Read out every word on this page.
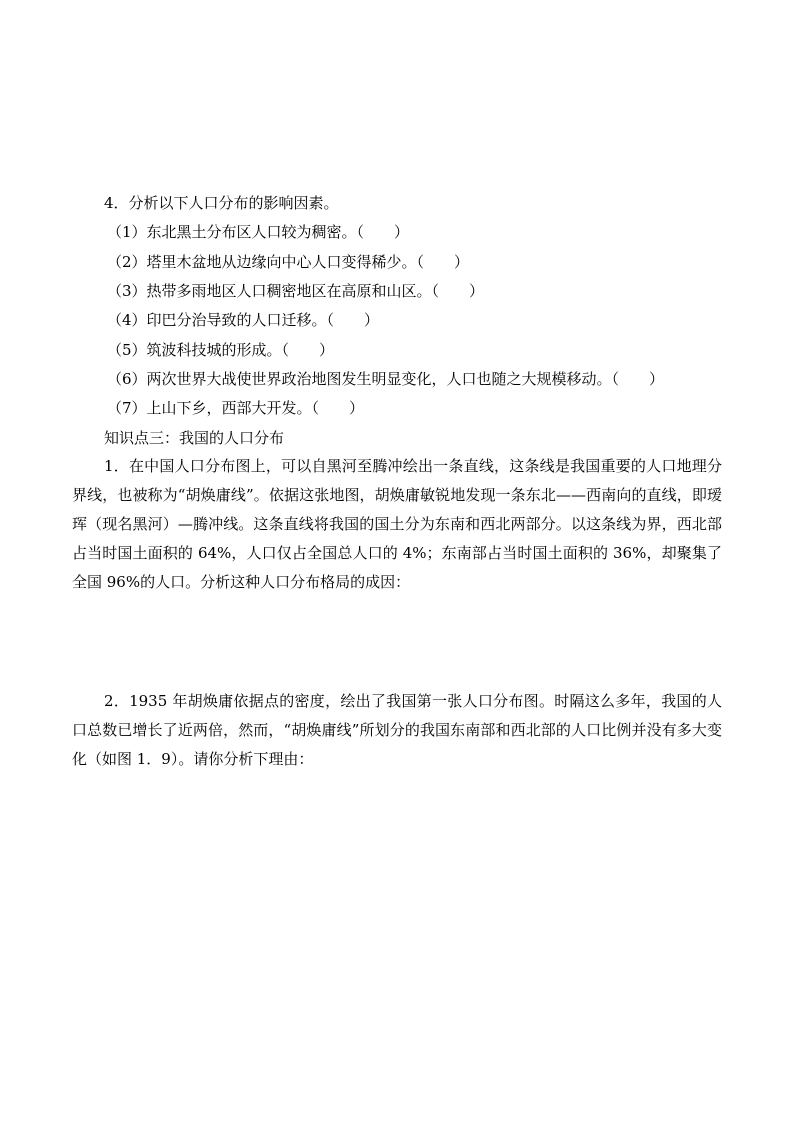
4．分析以下人口分布的影响因素。
（1）东北黑土分布区人口较为稠密。（　　）
（2）塔里木盆地从边缘向中心人口变得稀少。（　　）
（3）热带多雨地区人口稠密地区在高原和山区。（　　）
（4）印巴分治导致的人口迁移。（　　）
（5）筑波科技城的形成。（　　）
（6）两次世界大战使世界政治地图发生明显变化，人口也随之大规模移动。（　　）
（7）上山下乡，西部大开发。（　　）
知识点三：我国的人口分布
1．在中国人口分布图上，可以自黑河至腾冲绘出一条直线，这条线是我国重要的人口地理分界线，也被称为“胡焕庸线”。依据这张地图，胡焕庸敏锐地发现一条东北——西南向的直线，即瑷珲（现名黑河）—腾冲线。这条直线将我国的国土分为东南和西北两部分。以这条线为界，西北部占当时国土面积的 64%，人口仅占全国总人口的 4%；东南部占当时国土面积的 36%，却聚集了全国 96%的人口。分析这种人口分布格局的成因：
2．1935 年胡焕庸依据点的密度，绘出了我国第一张人口分布图。时隔这么多年，我国的人口总数已增长了近两倍，然而，“胡焕庸线”所划分的我国东南部和西北部的人口比例并没有多大变化（如图 1．9）。请你分析下理由：
